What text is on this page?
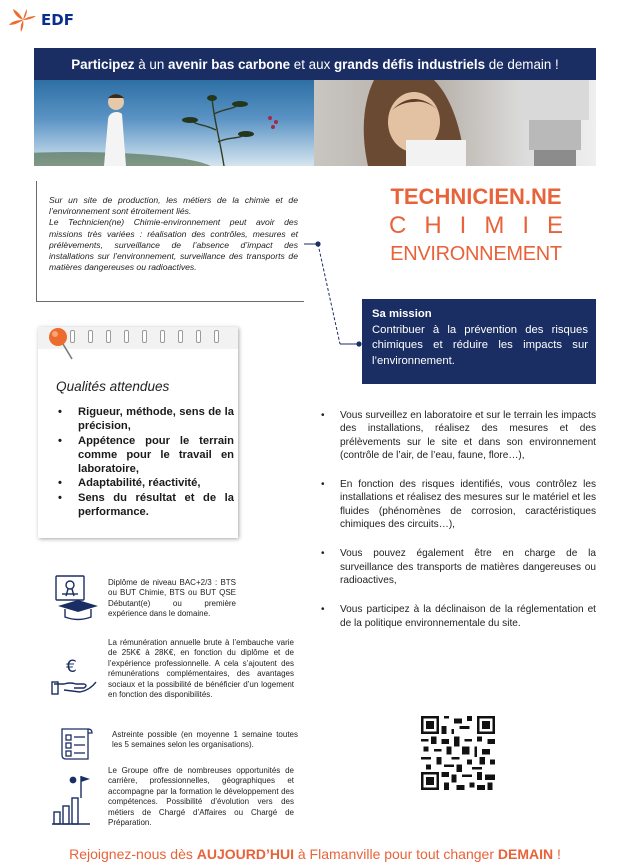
EDF
Participez à un avenir bas carbone et aux grands défis industriels de demain !

Sur un site de production, les métiers de la chimie et de l’environnement sont étroitement liés.

Le Technicien(ne) Chimie-environnement peut avoir des missions très variées : réalisation des contrôles, mesures et prélèvements, surveillance de l’absence d’impact des installations sur l’environnement, surveillance des transports de matières dangereuses ou radioactives.

TECHNICIEN.NE
CHIMIE
ENVIRONNEMENT
Sa mission
Contribuer à la prévention des risques chimiques et réduire les impacts sur l’environnement.
Qualités attendues
• Rigueur, méthode, sens de la précision,
• Appétence pour le terrain comme pour le travail en laboratoire,
• Adaptabilité, réactivité,
• Sens du résultat et de la performance.
• Vous surveillez en laboratoire et sur le terrain les impacts des installations, réalisez des mesures et des prélèvements sur le site et dans son environnement (contrôle de l’air, de l’eau, faune, flore…),
• En fonction des risques identifiés, vous contrôlez les installations et réalisez des mesures sur le matériel et les fluides (phénomènes de corrosion, caractéristiques chimiques des circuits…),
• Vous pouvez également être en charge de la surveillance des transports de matières dangereuses ou radioactives,
• Vous participez à la déclinaison de la réglementation et de la politique environnementale du site.
Diplôme de niveau BAC+2/3 : BTS ou BUT Chimie, BTS ou BUT QSE Débutant(e) ou première expérience dans le domaine.
€
La rémunération annuelle brute à l’embauche varie de 25K€ à 28K€, en fonction du diplôme et de l’expérience professionnelle. A cela s’ajoutent des rémunérations complémentaires, des avantages sociaux et la possibilité de bénéficier d’un logement en fonction des disponibilités.
Astreinte possible (en moyenne 1 semaine toutes les 5 semaines selon les organisations).
Le Groupe offre de nombreuses opportunités de carrière, professionnelles, géographiques et accompagne par la formation le développement des compétences. Possibilité d’évolution vers des métiers de Chargé d’Affaires ou Chargé de Préparation.
Rejoignez-nous dès AUJOURD’HUI à Flamanville pour tout changer DEMAIN !
